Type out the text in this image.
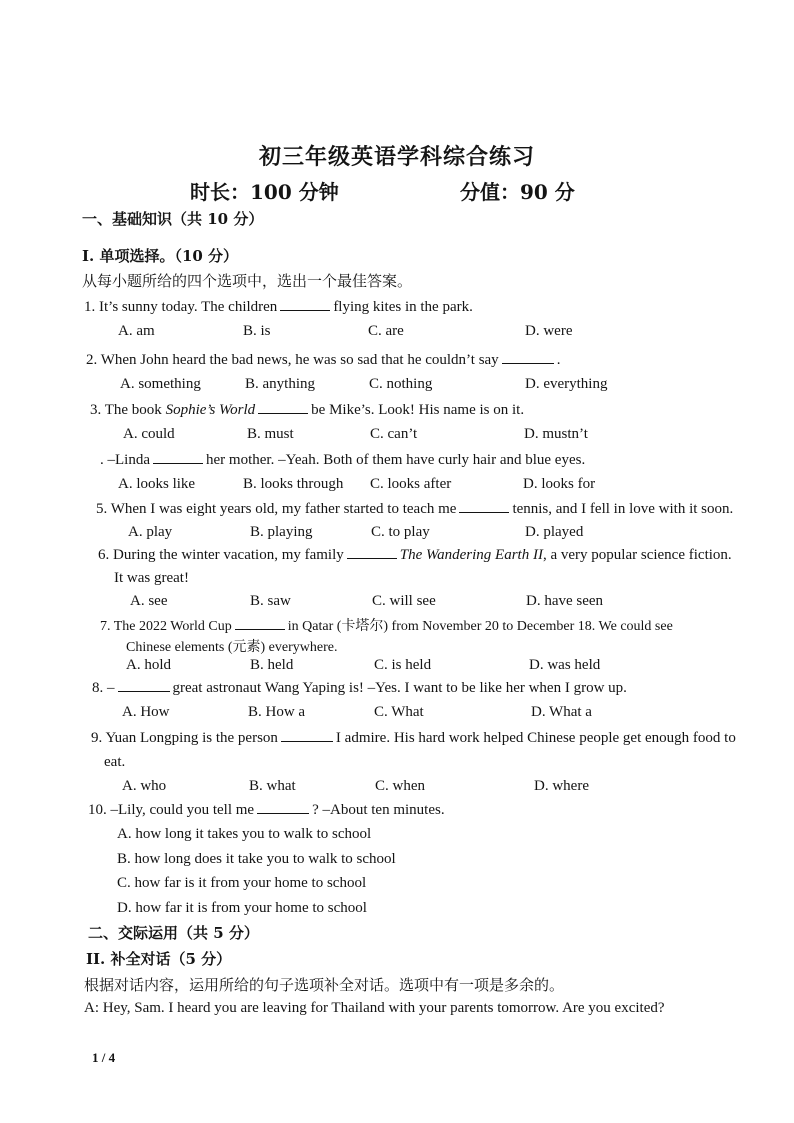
初三年级英语学科综合练习
时长：100 分钟	分值：90 分
一、基础知识（共 10 分）
I. 单项选择。（10 分）
从每小题所给的四个选项中，选出一个最佳答案。
1. It’s sunny today. The children	flying kites in the park.
A. am	B. is	C. are	D. were
2. When John heard the bad news, he was so sad that he couldn’t say	.
A. something	B. anything	C. nothing	D. everything
3. The book Sophie’s World	be Mike’s. Look! His name is on it.
A. could	B. must	C. can’t	D. mustn’t
. –Linda	her mother. –Yeah. Both of them have curly hair and blue eyes.
A. looks like	B. looks through C. looks after	D. looks for
5. When I was eight years old, my father started to teach me	tennis, and I fell in love with it soon.
A. play	B. playing	C. to play	D. played
6. During the winter vacation, my family	The Wandering Earth II, a very popular science fiction.
It was great!
A. see	B. saw	C. will see	D. have seen
7. The 2022 World Cup	in Qatar (卡塔尔) from November 20 to December 18. We could see
Chinese elements (元素) everywhere.
A. hold	B. held	C. is held	D. was held
8. –	great astronaut Wang Yaping is! –Yes. I want to be like her when I grow up.
A. How	B. How a	C. What	D. What a
9. Yuan Longping is the person	I admire. His hard work helped Chinese people get enough food to
eat.
A. who	B. what	C. when	D. where
10. –Lily, could you tell me	? –About ten minutes.
A. how long it takes you to walk to school
B. how long does it take you to walk to school
C. how far is it from your home to school
D. how far it is from your home to school
二、交际运用（共 5 分）
II. 补全对话（5 分）
根据对话内容，运用所给的句子选项补全对话。选项中有一项是多余的。
A: Hey, Sam. I heard you are leaving for Thailand with your parents tomorrow. Are you excited?
1 / 4
